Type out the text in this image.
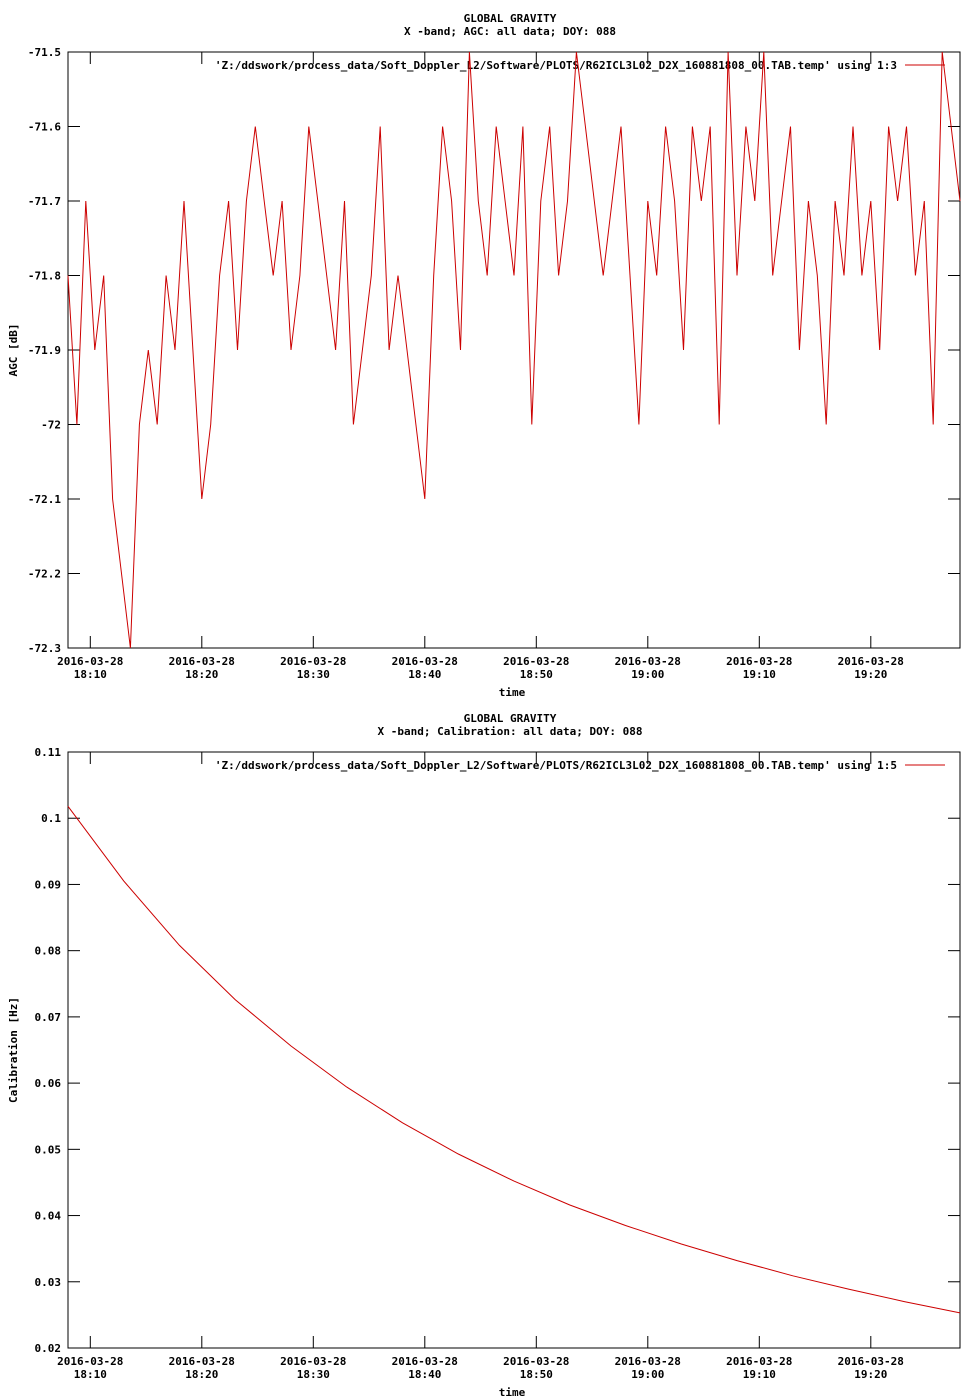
GLOBAL GRAVITY
X -band; AGC: all data; DOY: 088
time
AGC [dB]
'Z:/ddswork/process_data/Soft_Doppler_L2/Software/PLOTS/R62ICL3L02_D2X_160881808_00.TAB.temp' using 1:3
-71.5
-71.6
-71.7
-71.8
-71.9
-72
-72.1
-72.2
-72.3
2016-03-28
18:10
2016-03-28
18:20
2016-03-28
18:30
2016-03-28
18:40
2016-03-28
18:50
2016-03-28
19:00
2016-03-28
19:10
2016-03-28
19:20
GLOBAL GRAVITY
X -band; Calibration: all data; DOY: 088
time
Calibration [Hz]
'Z:/ddswork/process_data/Soft_Doppler_L2/Software/PLOTS/R62ICL3L02_D2X_160881808_00.TAB.temp' using 1:5
0.11
0.1
0.09
0.08
0.07
0.06
0.05
0.04
0.03
0.02
2016-03-28
18:10
2016-03-28
18:20
2016-03-28
18:30
2016-03-28
18:40
2016-03-28
18:50
2016-03-28
19:00
2016-03-28
19:10
2016-03-28
19:20
